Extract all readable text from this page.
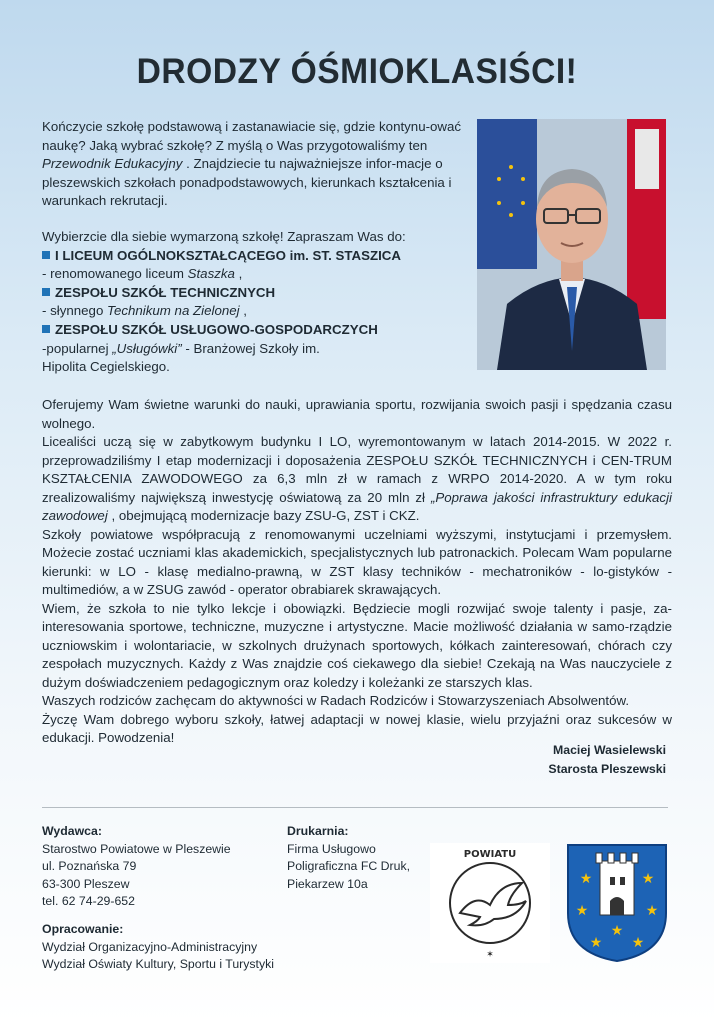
DRODZY ÓŚMIOKLASIŚCI!

Kończycie szkołę podstawową i zastanawiacie się, gdzie kontynu-ować naukę? Jaką wybrać szkołę? Z myślą o Was przygotowaliśmy ten Przewodnik Edukacyjny . Znajdziecie tu najważniejsze infor-macje o pleszewskich szkołach ponadpodstawowych, kierunkach kształcenia i warunkach rekrutacji.

Wybierzcie dla siebie wymarzoną szkołę! Zapraszam Was do:
I LICEUM OGÓLNOKSZTAŁCĄCEGO im. ST. STASZICA
- renomowanego liceum Staszka ,
ZESPOŁU SZKÓŁ TECHNICZNYCH
- słynnego Technikum na Zielonej ,
ZESPOŁU SZKÓŁ USŁUGOWO-GOSPODARCZYCH
-popularnej „Usługówki” - Branżowej Szkoły im.
Hipolita Cegielskiego.

Oferujemy Wam świetne warunki do nauki, uprawiania sportu, rozwijania swoich pasji i spędzania czasu wolnego.

Licealiści uczą się w zabytkowym budynku I LO, wyremontowanym w latach 2014-2015. W 2022 r. przeprowadziliśmy I etap modernizacji i doposażenia ZESPOŁU SZKÓŁ TECHNICZNYCH i CEN-TRUM KSZTAŁCENIA ZAWODOWEGO za 6,3 mln zł w ramach z WRPO 2014-2020. A w tym roku zrealizowaliśmy największą inwestycję oświatową za 20 mln zł „Poprawa jakości infrastruktury edukacji zawodowej , obejmującą modernizacje bazy ZSU-G, ZST i CKZ.

Szkoły powiatowe współpracują z renomowanymi uczelniami wyższymi, instytucjami i przemysłem. Możecie zostać uczniami klas akademickich, specjalistycznych lub patronackich. Polecam Wam popularne kierunki: w LO - klasę medialno-prawną, w ZST klasy techników - mechatroników - lo-gistyków - multimediów, a w ZSUG zawód - operator obrabiarek skrawających.

Wiem, że szkoła to nie tylko lekcje i obowiązki. Będziecie mogli rozwijać swoje talenty i pasje, za-interesowania sportowe, techniczne, muzyczne i artystyczne. Macie możliwość działania w samo-rządzie uczniowskim i wolontariacie, w szkolnych drużynach sportowych, kółkach zainteresowań, chórach czy zespołach muzycznych. Każdy z Was znajdzie coś ciekawego dla siebie! Czekają na Was nauczyciele z dużym doświadczeniem pedagogicznym oraz koledzy i koleżanki ze starszych klas.

Waszych rodziców zachęcam do aktywności w Radach Rodziców i Stowarzyszeniach Absolwentów.

Życzę Wam dobrego wyboru szkoły, łatwej adaptacji w nowej klasie, wielu przyjaźni oraz sukcesów w edukacji. Powodzenia!

Maciej Wasielewski
Starosta Pleszewski
Wydawca:
Starostwo Powiatowe w Pleszewie
ul. Poznańska 79
63-300 Pleszew
tel. 62 74-29-652
Drukarnia:
Firma Usługowo
Poligraficzna FC Druk,
Piekarzew 10a
Opracowanie:
Wydział Organizacyjno-Administracyjny
Wydział Oświaty Kultury, Sportu i Turystyki
POWIATU
✶
★	★
★	★
★ ★
★
